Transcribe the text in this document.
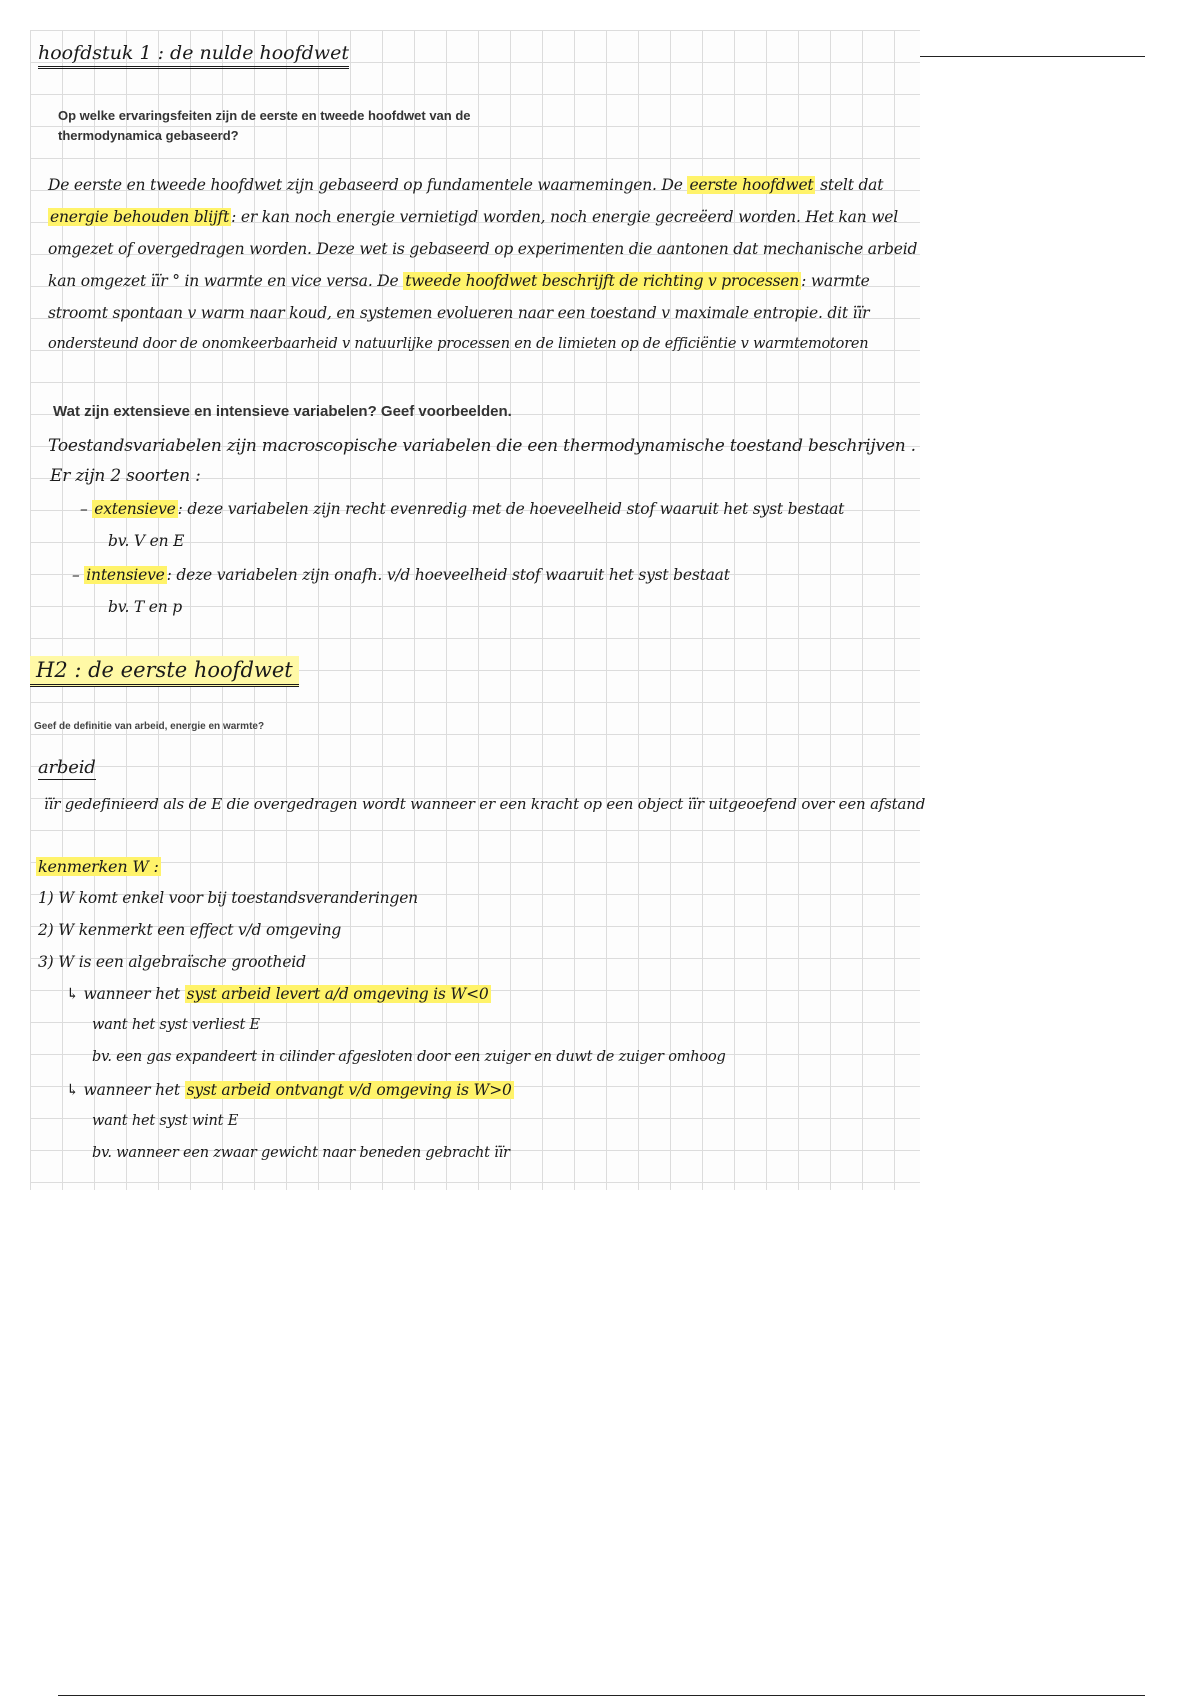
hoofdstuk 1 : de nulde hoofdwet
Op welke ervaringsfeiten zijn de eerste en tweede hoofdwet van de thermodynamica gebaseerd?
De eerste en tweede hoofdwet zijn gebaseerd op fundamentele waarnemingen. De eerste hoofdwet stelt dat
energie behouden blijft : er kan noch energie vernietigd worden, noch energie gecreëerd worden. Het kan wel
omgezet of overgedragen worden. Deze wet is gebaseerd op experimenten die aantonen dat mechanische arbeid
kan omgezet ïïr ° in warmte en vice versa. De tweede hoofdwet beschrijft de richting v processen : warmte
stroomt spontaan v warm naar koud, en systemen evolueren naar een toestand v maximale entropie. dit ïïr
ondersteund door de onomkeerbaarheid v natuurlijke processen en de limieten op de efficiëntie v warmtemotoren
Wat zijn extensieve en intensieve variabelen? Geef voorbeelden.
Toestandsvariabelen zijn macroscopische variabelen die een thermodynamische toestand beschrijven .
Er zijn 2 soorten :
– extensieve : deze variabelen zijn recht evenredig met de hoeveelheid stof waaruit het syst bestaat
bv. V en E
– intensieve : deze variabelen zijn onafh. v/d hoeveelheid stof waaruit het syst bestaat
bv. T en p
H2 : de eerste hoofdwet
Geef de definitie van arbeid, energie en warmte?
arbeid
ïïr gedefinieerd als de E die overgedragen wordt wanneer er een kracht op een object ïïr uitgeoefend over een afstand
kenmerken W :
1) W komt enkel voor bij toestandsveranderingen
2) W kenmerkt een effect v/d omgeving
3) W is een algebraïsche grootheid
↳ wanneer het syst arbeid levert a/d omgeving is W<0
want het syst verliest E
bv. een gas expandeert in cilinder afgesloten door een zuiger en duwt de zuiger omhoog
↳ wanneer het syst arbeid ontvangt v/d omgeving is W>0
want het syst wint E
bv. wanneer een zwaar gewicht naar beneden gebracht ïïr
